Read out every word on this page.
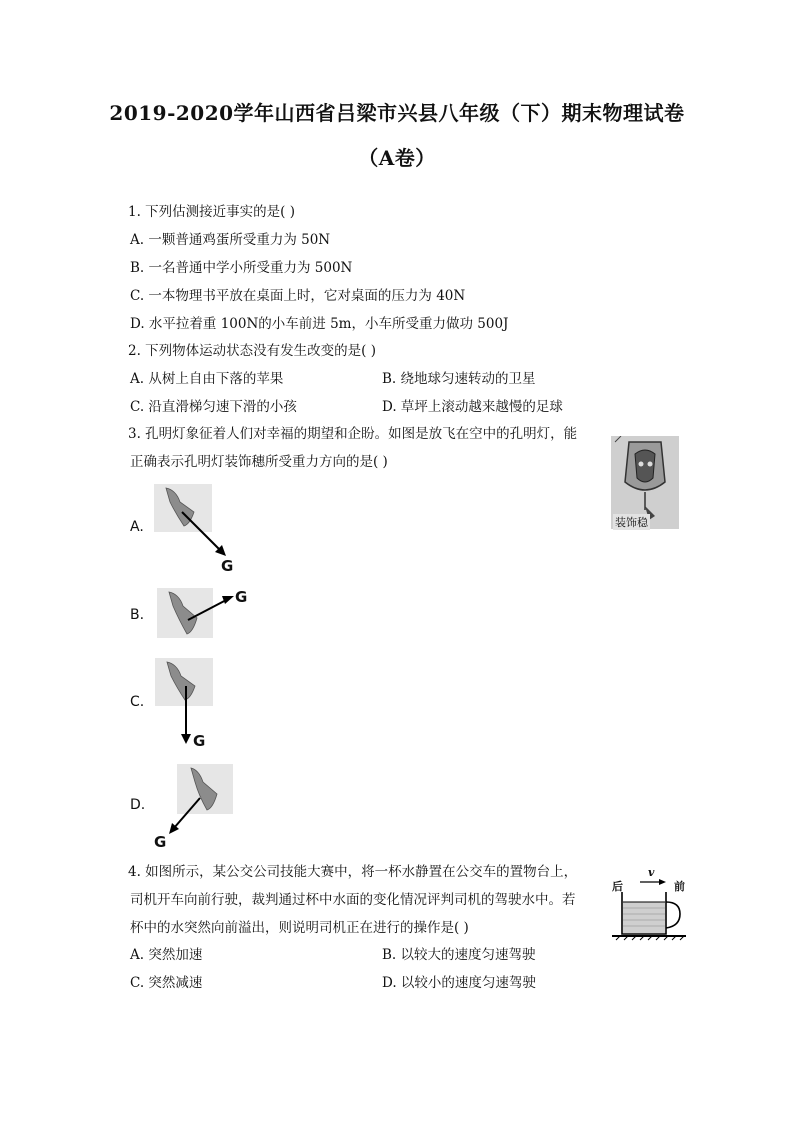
2019-2020学年山西省吕梁市兴县八年级（下）期末物理试卷
（A卷）
1. 下列估测接近事实的是( )
A. 一颗普通鸡蛋所受重力为 50N
B. 一名普通中学小所受重力为 500N
C. 一本物理书平放在桌面上时，它对桌面的压力为 40N
D. 水平拉着重 100N的小车前进 5m，小车所受重力做功 500J
2. 下列物体运动状态没有发生改变的是( )
A. 从树上自由下落的苹果	B. 绕地球匀速转动的卫星
C. 沿直滑梯匀速下滑的小孩	D. 草坪上滚动越来越慢的足球
3. 孔明灯象征着人们对幸福的期望和企盼。如图是放飞在空中的孔明灯，能
正确表示孔明灯装饰穗所受重力方向的是( )
装饰稳
A.
G
B.
G
C.
G
D.
G
4. 如图所示，某公交公司技能大赛中，将一杯水静置在公交车的置物台上，
司机开车向前行驶，裁判通过杯中水面的变化情况评判司机的驾驶水中。若
杯中的水突然向前溢出，则说明司机正在进行的操作是( )
后	前
v
A. 突然加速	B. 以较大的速度匀速驾驶
C. 突然减速	D. 以较小的速度匀速驾驶
